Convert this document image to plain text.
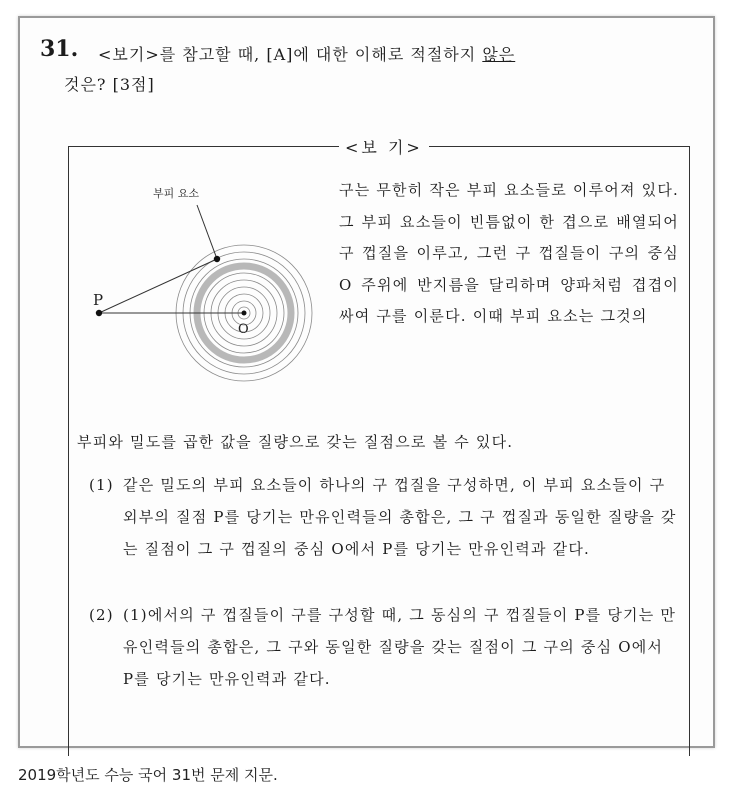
31. <보기>를 참고할 때, [A]에 대한 이해로 적절하지 않은
것은? [3점]
<보 기>
부피 요소
P
O
구는 무한히 작은 부피 요소들로 이루어져 있다. 그 부피 요소들이 빈틈없이 한 겹으로 배열되어 구 껍질을 이루고, 그런 구 껍질들이 구의 중심 O 주위에 반지름을 달리하며 양파처럼 겹겹이 싸여 구를 이룬다. 이때 부피 요소는 그것의
부피와 밀도를 곱한 값을 질량으로 갖는 질점으로 볼 수 있다.
(1) 같은 밀도의 부피 요소들이 하나의 구 껍질을 구성하면, 이 부피 요소들이 구 외부의 질점 P를 당기는 만유인력들의 총합은, 그 구 껍질과 동일한 질량을 갖는 질점이 그 구 껍질의 중심 O에서 P를 당기는 만유인력과 같다.
(2) (1)에서의 구 껍질들이 구를 구성할 때, 그 동심의 구 껍질들이 P를 당기는 만유인력들의 총합은, 그 구와 동일한 질량을 갖는 질점이 그 구의 중심 O에서 P를 당기는 만유인력과 같다.
2019학년도 수능 국어 31번 문제 지문.
